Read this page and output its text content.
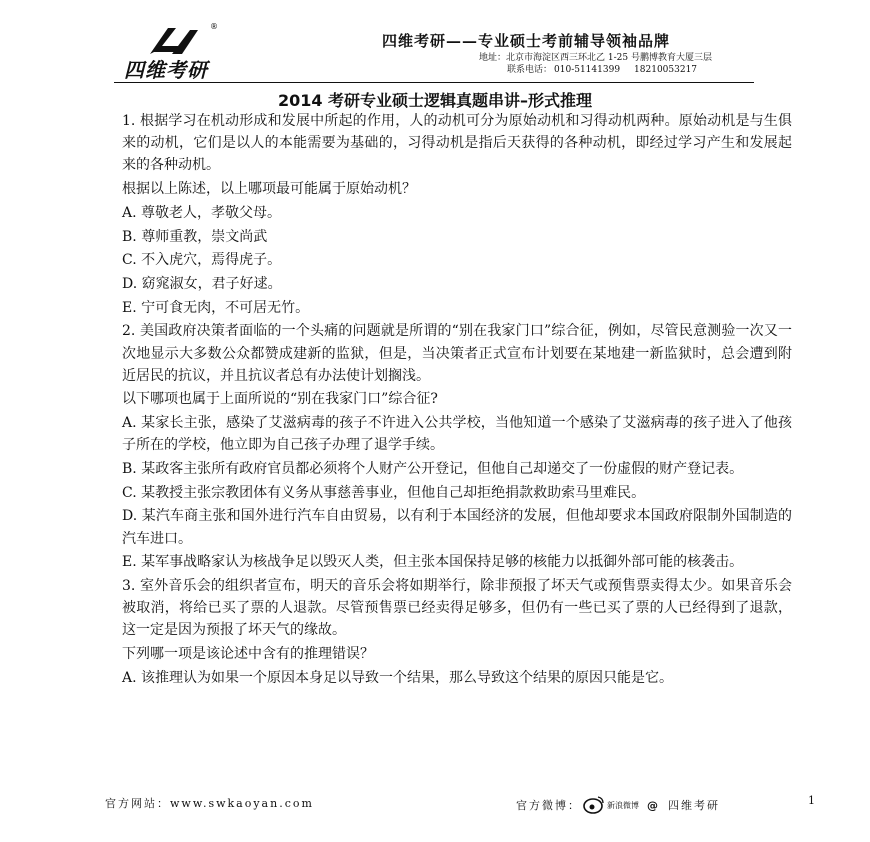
®
四维考研
四维考研——专业硕士考前辅导领袖品牌
地址：北京市海淀区西三环北乙 1-25 号鹏博教育大厦三层
联系电话： 010-51141399 18210053217
2014 考研专业硕士逻辑真题串讲–形式推理

1. 根据学习在机动形成和发展中所起的作用，人的动机可分为原始动机和习得动机两种。原始动机是与生俱来的动机，它们是以人的本能需要为基础的，习得动机是指后天获得的各种动机，即经过学习产生和发展起来的各种动机。

根据以上陈述，以上哪项最可能属于原始动机？

A. 尊敬老人，孝敬父母。

B. 尊师重教，崇文尚武

C. 不入虎穴，焉得虎子。

D. 窈窕淑女，君子好逑。

E. 宁可食无肉，不可居无竹。

2. 美国政府决策者面临的一个头痛的问题就是所谓的“别在我家门口”综合征，例如，尽管民意测验一次又一次地显示大多数公众都赞成建新的监狱，但是，当决策者正式宣布计划要在某地建一新监狱时，总会遭到附近居民的抗议，并且抗议者总有办法使计划搁浅。

以下哪项也属于上面所说的“别在我家门口”综合征?

A. 某家长主张，感染了艾滋病毒的孩子不许进入公共学校，当他知道一个感染了艾滋病毒的孩子进入了他孩子所在的学校，他立即为自己孩子办理了退学手续。

B. 某政客主张所有政府官员都必须将个人财产公开登记，但他自己却递交了一份虚假的财产登记表。

C. 某教授主张宗教团体有义务从事慈善事业，但他自己却拒绝捐款救助索马里难民。

D. 某汽车商主张和国外进行汽车自由贸易，以有利于本国经济的发展，但他却要求本国政府限制外国制造的汽车进口。

E. 某军事战略家认为核战争足以毁灭人类，但主张本国保持足够的核能力以抵御外部可能的核袭击。

3. 室外音乐会的组织者宣布，明天的音乐会将如期举行，除非预报了坏天气或预售票卖得太少。如果音乐会被取消，将给已买了票的人退款。尽管预售票已经卖得足够多，但仍有一些已买了票的人已经得到了退款，这一定是因为预报了坏天气的缘故。

下列哪一项是该论述中含有的推理错误？

A. 该推理认为如果一个原因本身足以导致一个结果，那么导致这个结果的原因只能是它。

官方网站：www.swkaoyan.com	官方微博：	新浪微博 @ 四维考研	1
